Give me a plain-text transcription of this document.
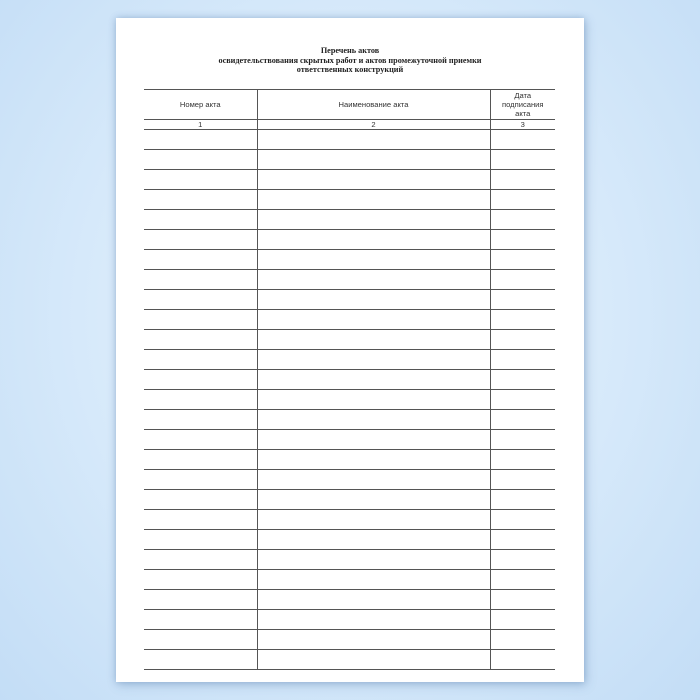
Перечень актов
освидетельствования скрытых работ и актов промежуточной приемки
ответственных конструкций
Номер акта	Наименование акта	Дата
подписания
акта

1	2	3
